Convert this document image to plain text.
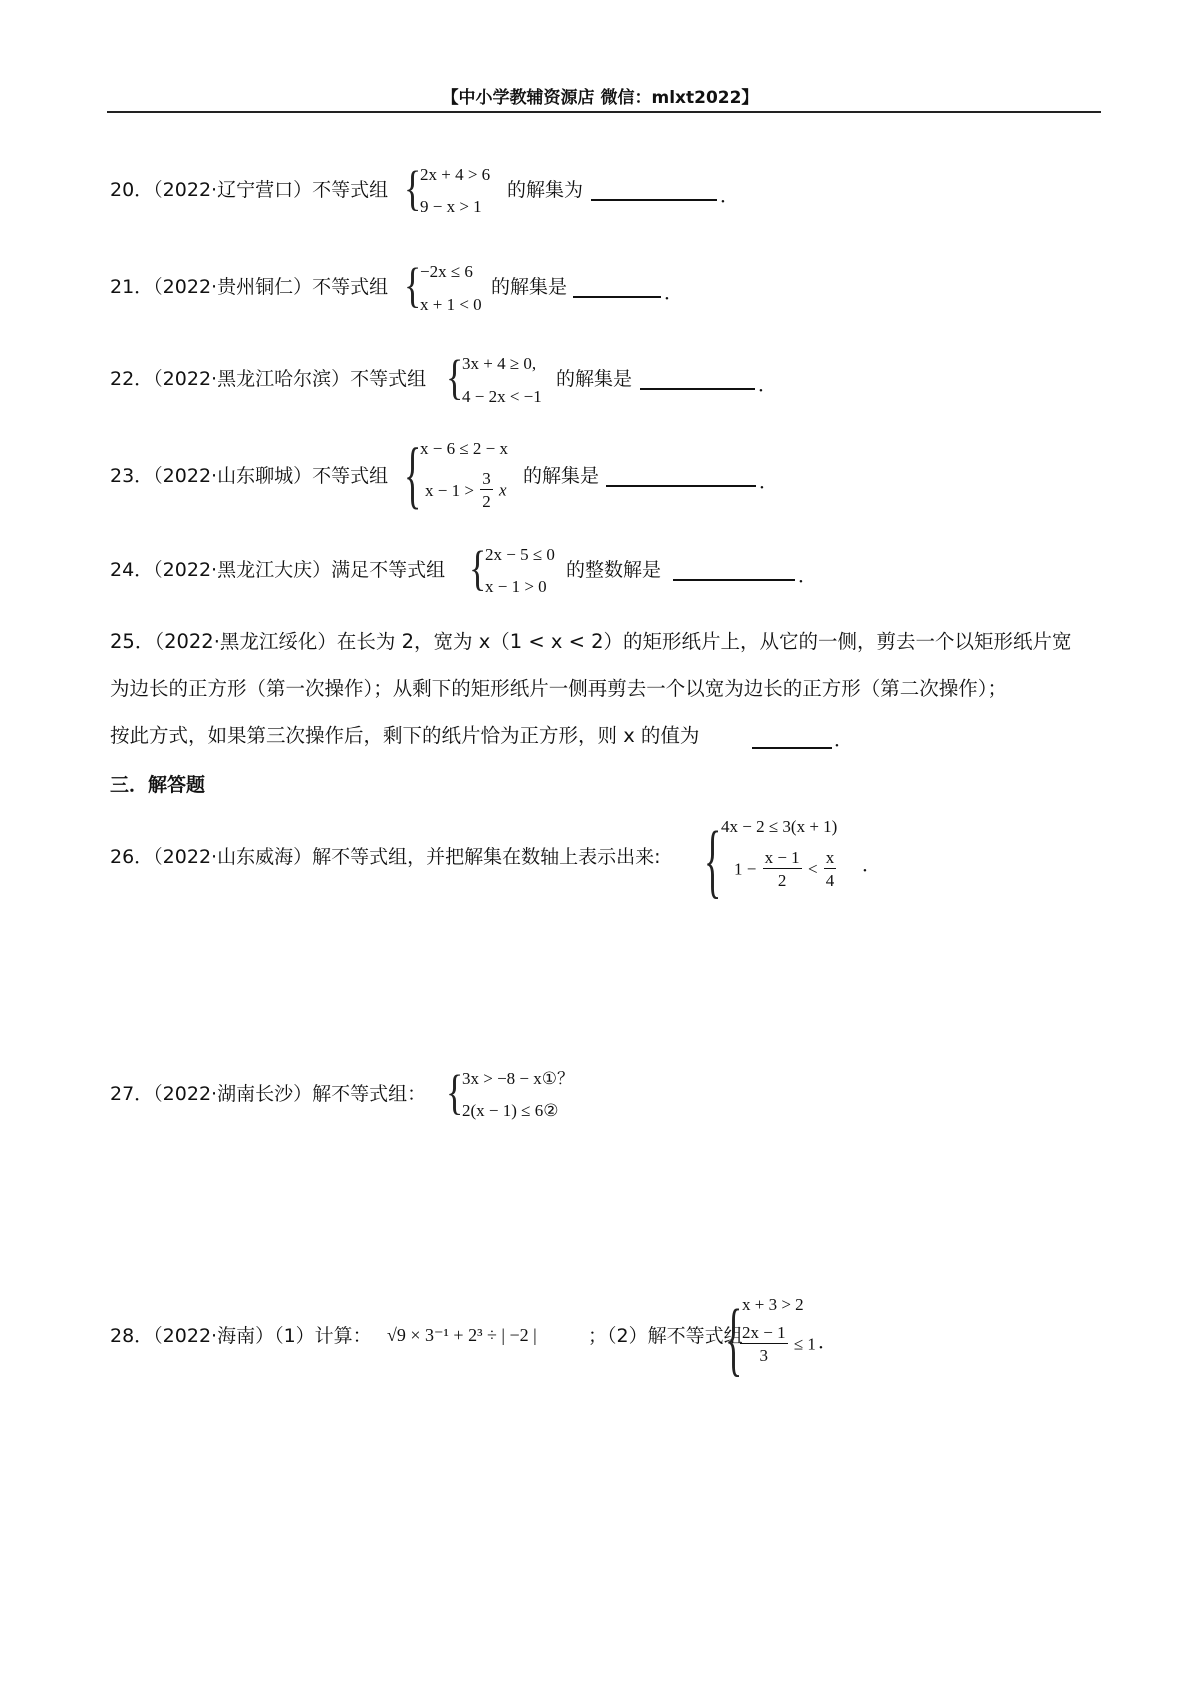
【中小学教辅资源店 微信：mlxt2022】
20．（2022·辽宁营口）不等式组 {
2x + 4 > 6
9 − x > 1
的解集为	．
21．（2022·贵州铜仁）不等式组 {
−2x ≤ 6
x + 1 < 0
的解集是	．
22．（2022·黑龙江哈尔滨）不等式组 {
3x + 4 ≥ 0,
4 − 2x < −1
的解集是	．
23．（2022·山东聊城）不等式组 {
x − 6 ≤ 2 − x
$x - 1 > \frac{3}{2}$ x
的解集是	．
24．（2022·黑龙江大庆）满足不等式组 {
2x − 5 ≤ 0
x − 1 > 0
的整数解是	．
25．（2022·黑龙江绥化）在长为 2，宽为 x（1 < x < 2）的矩形纸片上，从它的一侧，剪去一个以矩形纸片宽
为边长的正方形（第一次操作）；从剩下的矩形纸片一侧再剪去一个以宽为边长的正方形（第二次操作）；
按此方式，如果第三次操作后，剩下的纸片恰为正方形，则 x 的值为	．
三．解答题
26．（2022·山东威海）解不等式组，并把解集在数轴上表示出来: { 4x − 2 ≤ 3(x + 1)
$1 - \frac{x - 1}{2} < \frac{x}{4}$ ．
27．（2022·湖南长沙）解不等式组： {
3x > −8 − x①？
2(x − 1) ≤ 6②
28．（2022·海南）（1）计算： √9 × 3⁻¹ + 2³ ÷ | −2 |	；（2）解不等式组
{ x + 3 > 2
$\frac{2x - 1}{3} \le 1$ ．
